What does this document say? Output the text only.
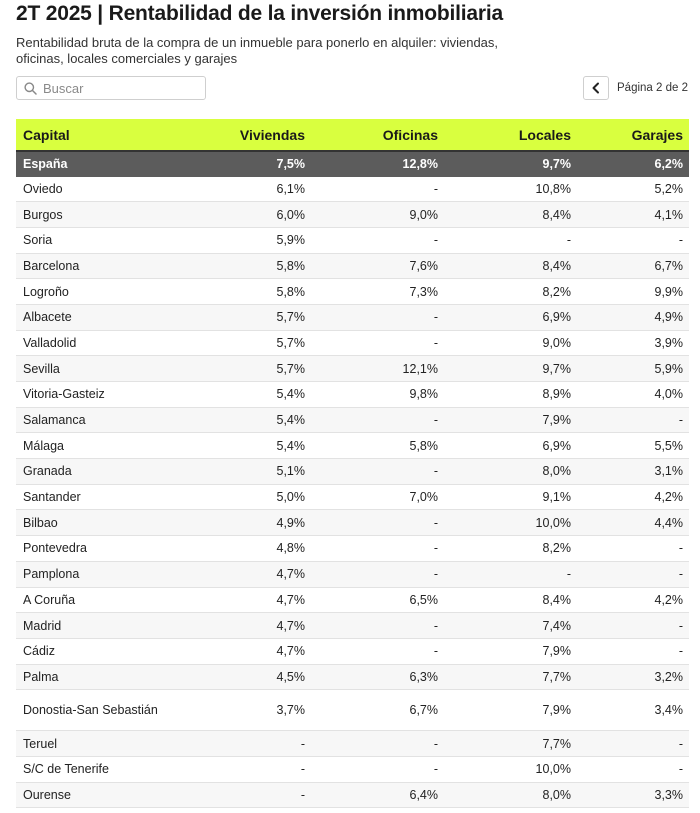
2T 2025 | Rentabilidad de la inversión inmobiliaria
Rentabilidad bruta de la compra de un inmueble para ponerlo en alquiler: viviendas, oficinas, locales comerciales y garajes
Buscar
Página 2 de 2
Capital	Viviendas	Oficinas	Locales	Garajes
España	7,5%	12,8%	9,7%	6,2%
Oviedo	6,1%	-	10,8%	5,2%
Burgos	6,0%	9,0%	8,4%	4,1%
Soria	5,9%	-	-	-
Barcelona	5,8%	7,6%	8,4%	6,7%
Logroño	5,8%	7,3%	8,2%	9,9%
Albacete	5,7%	-	6,9%	4,9%
Valladolid	5,7%	-	9,0%	3,9%
Sevilla	5,7%	12,1%	9,7%	5,9%
Vitoria-Gasteiz	5,4%	9,8%	8,9%	4,0%
Salamanca	5,4%	-	7,9%	-
Málaga	5,4%	5,8%	6,9%	5,5%
Granada	5,1%	-	8,0%	3,1%
Santander	5,0%	7,0%	9,1%	4,2%
Bilbao	4,9%	-	10,0%	4,4%
Pontevedra	4,8%	-	8,2%	-
Pamplona	4,7%	-	-	-
A Coruña	4,7%	6,5%	8,4%	4,2%
Madrid	4,7%	-	7,4%	-
Cádiz	4,7%	-	7,9%	-
Palma	4,5%	6,3%	7,7%	3,2%
Donostia-San Sebastián	3,7%	6,7%	7,9%	3,4%
Teruel	-	-	7,7%	-
S/C de Tenerife	-	-	10,0%	-
Ourense	-	6,4%	8,0%	3,3%
